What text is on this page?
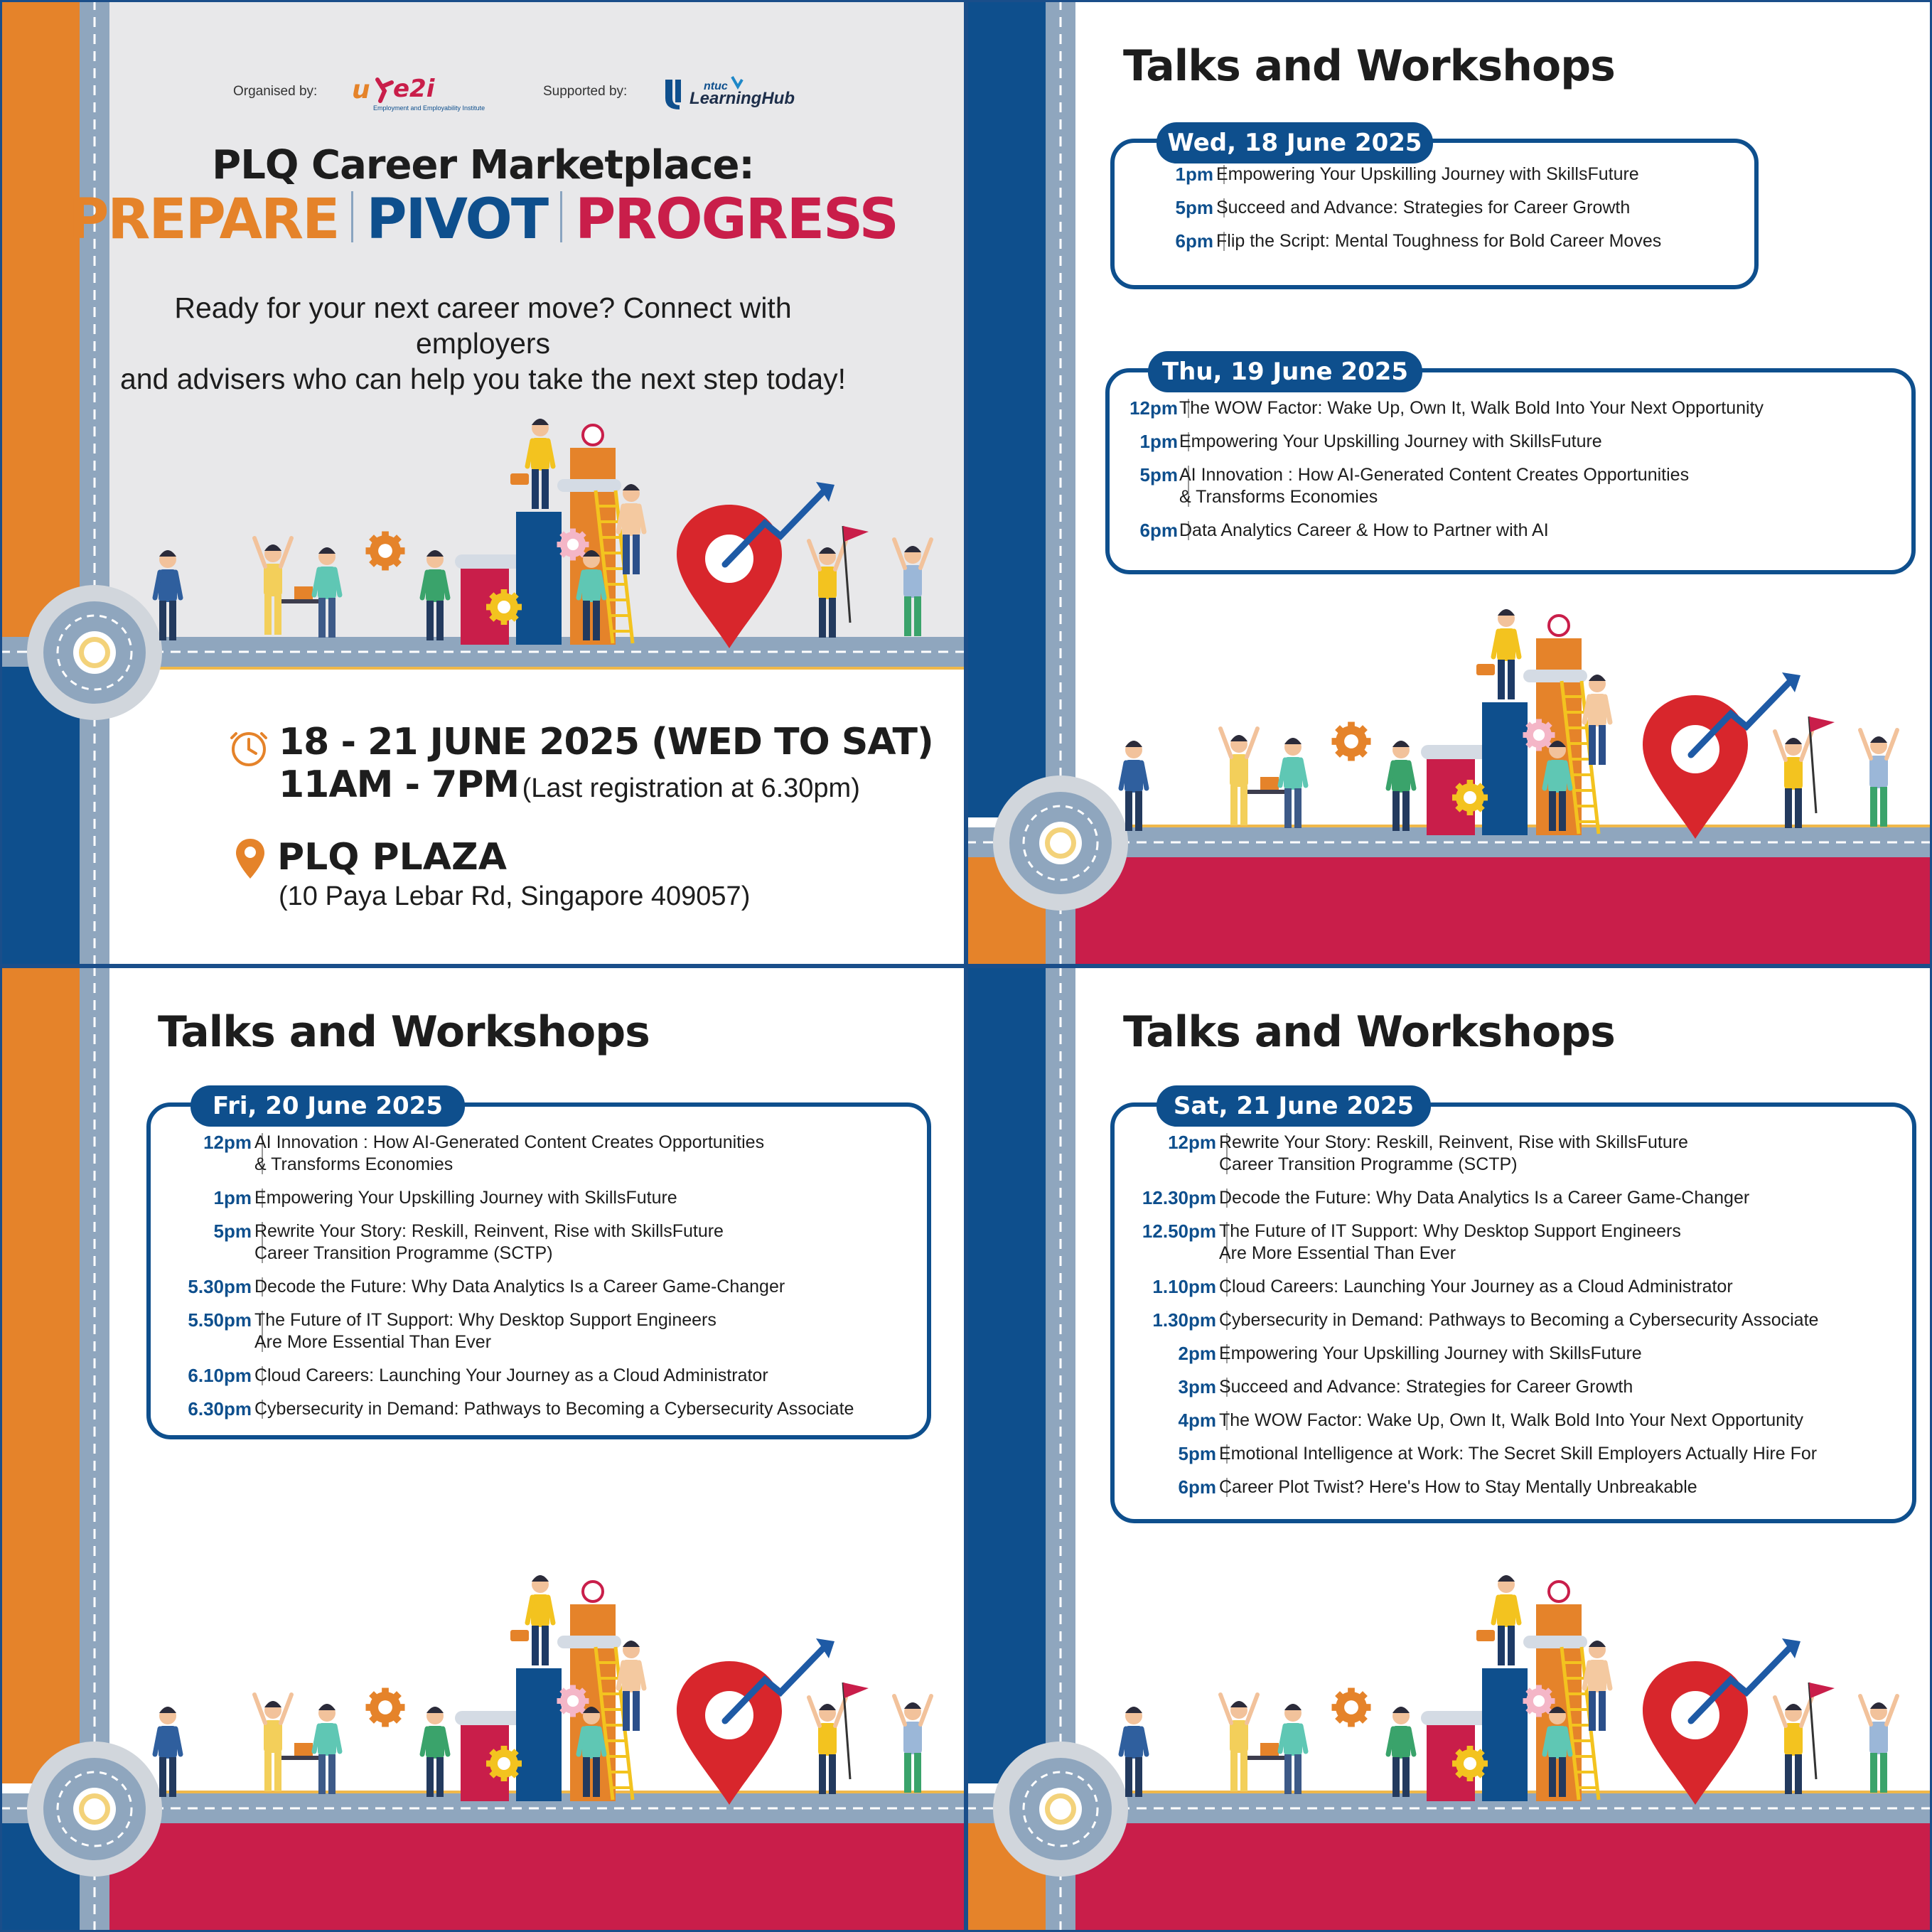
Organised by: u e2i
Employment and Employability Institute
Supported by:	ntuc
LearningHub
PLQ Career Marketplace:
PREPARE PIVOT PROGRESS
Ready for your next career move? Connect with employers
and advisers who can help you take the next step today!
18 - 21 JUNE 2025 (WED TO SAT)
11AM - 7PM (Last registration at 6.30pm)
PLQ PLAZA
(10 Paya Lebar Rd, Singapore 409057)
Talks and Workshops
Wed, 18 June 2025
1pm Empowering Your Upskilling Journey with SkillsFuture
5pm Succeed and Advance: Strategies for Career Growth
6pm Flip the Script: Mental Toughness for Bold Career Moves
Thu, 19 June 2025
12pm The WOW Factor: Wake Up, Own It, Walk Bold Into Your Next Opportunity
1pm Empowering Your Upskilling Journey with SkillsFuture
5pm AI Innovation : How AI-Generated Content Creates Opportunities
& Transforms Economies
6pm Data Analytics Career & How to Partner with AI
Talks and Workshops
Fri, 20 June 2025
12pm AI Innovation : How AI-Generated Content Creates Opportunities
& Transforms Economies
1pm Empowering Your Upskilling Journey with SkillsFuture
5pm Rewrite Your Story: Reskill, Reinvent, Rise with SkillsFuture
Career Transition Programme (SCTP)
5.30pm Decode the Future: Why Data Analytics Is a Career Game-Changer
5.50pm The Future of IT Support: Why Desktop Support Engineers
Are More Essential Than Ever
6.10pm Cloud Careers: Launching Your Journey as a Cloud Administrator
6.30pm Cybersecurity in Demand: Pathways to Becoming a Cybersecurity Associate
Talks and Workshops
Sat, 21 June 2025
12pm Rewrite Your Story: Reskill, Reinvent, Rise with SkillsFuture
Career Transition Programme (SCTP)
12.30pm Decode the Future: Why Data Analytics Is a Career Game-Changer
12.50pm The Future of IT Support: Why Desktop Support Engineers
Are More Essential Than Ever
1.10pm Cloud Careers: Launching Your Journey as a Cloud Administrator
1.30pm Cybersecurity in Demand: Pathways to Becoming a Cybersecurity Associate
2pm Empowering Your Upskilling Journey with SkillsFuture
3pm Succeed and Advance: Strategies for Career Growth
4pm The WOW Factor: Wake Up, Own It, Walk Bold Into Your Next Opportunity
5pm Emotional Intelligence at Work: The Secret Skill Employers Actually Hire For
6pm Career Plot Twist? Here's How to Stay Mentally Unbreakable
